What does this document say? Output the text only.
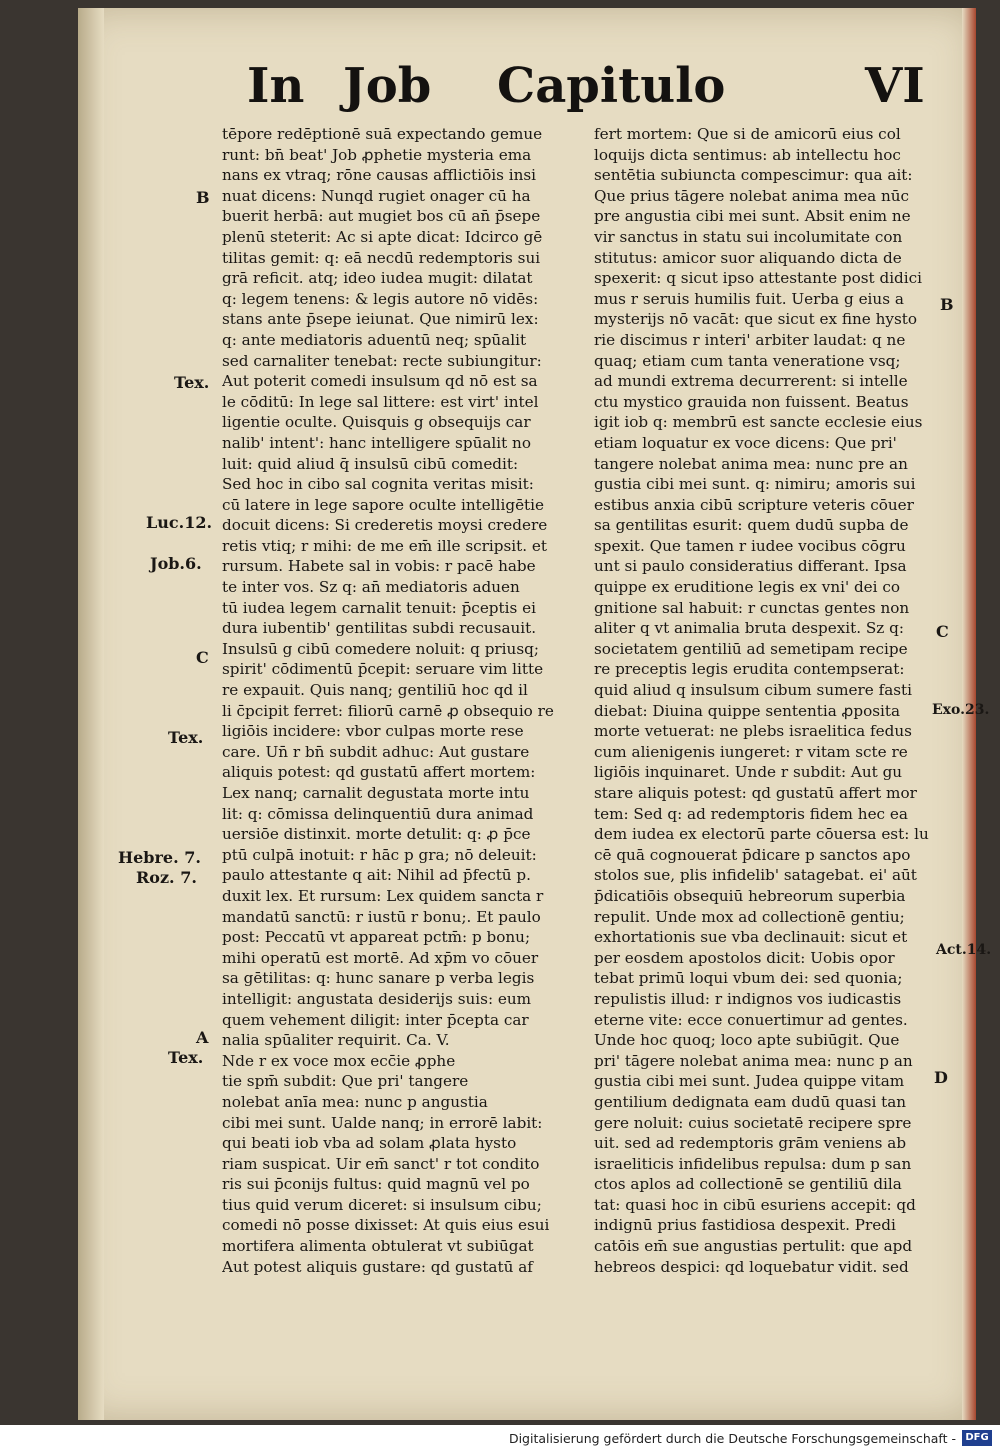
In Job Capitulo	VI
tēpore redēptionē suā expectando gemue
runt: bn̄ beat' Job ꝓphetie mysteria ema
nans ex vtraq; rōne causas afflictiōis insi
nuat dicens: Nunqd rugiet onager cū ha
buerit herbā: aut mugiet bos cū an̄ p̄sepe
plenū steterit: Ac si apte dicat: Idcirco gē
tilitas gemit: q: eā necdū redemptoris sui
grā reficit. atq; ideo iudea mugit: dilatat
q: legem tenens: & legis autore nō vidēs:
stans ante p̄sepe ieiunat. Que nimirū lex:
q: ante mediatoris aduentū neq; spūalit
sed carnaliter tenebat: recte subiungitur:
Aut poterit comedi insulsum qd nō est sa
le cōditū: In lege sal littere: est virt' intel
ligentie oculte. Quisquis g obsequijs car
nalib' intent': hanc intelligere spūalit no
luit: quid aliud q̄ insulsū cibū comedit:
Sed hoc in cibo sal cognita veritas misit:
cū latere in lege sapore oculte intelligētie
docuit dicens: Si crederetis moysi credere
retis vtiq; r mihi: de me em̄ ille scripsit. et
rursum. Habete sal in vobis: r pacē habe
te inter vos. Sz q: an̄ mediatoris aduen
tū iudea legem carnalit tenuit: p̄ceptis ei
dura iubentib' gentilitas subdi recusauit.
Insulsū g cibū comedere noluit: q priusq;
spirit' cōdimentū p̄cepit: seruare vim litte
re expauit. Quis nanq; gentiliū hoc qd il
li c̄pcipit ferret: filiorū carnē ꝓ obsequio re
ligiōis incidere: vbor culpas morte rese
care. Un̄ r bn̄ subdit adhuc: Aut gustare
aliquis potest: qd gustatū affert mortem:
Lex nanq; carnalit degustata morte intu
lit: q: cōmissa delinquentiū dura animad
uersiōe distinxit. morte detulit: q: ꝓ p̄ce
ptū culpā inotuit: r hāc p gra; nō deleuit:
paulo attestante q ait: Nihil ad p̄fectū p.
duxit lex. Et rursum: Lex quidem sancta r
mandatū sanctū: r iustū r bonu;. Et paulo
post: Peccatū vt appareat pctm̄: p bonu;
mihi operatū est mortē. Ad xp̄m vo cōuer
sa gētilitas: q: hunc sanare p verba legis
intelligit: angustata desiderijs suis: eum
quem vehement diligit: inter p̄cepta car
nalia spūaliter requirit. Ca. V.
Nde r ex voce mox ecc̄ie ꝓphe
tie spm̄ subdit: Que pri' tangere
nolebat anīa mea: nunc p angustia
cibi mei sunt. Ualde nanq; in errorē labit:
qui beati iob vba ad solam ꝓlata hysto
riam suspicat. Uir em̄ sanct' r tot condito
ris sui p̄conijs fultus: quid magnū vel po
tius quid verum diceret: si insulsum cibu;
comedi nō posse dixisset: At quis eius esui
mortifera alimenta obtulerat vt subiūgat
Aut potest aliquis gustare: qd gustatū af
fert mortem: Que si de amicorū eius col
loquijs dicta sentimus: ab intellectu hoc
sentētia subiuncta compescimur: qua ait:
Que prius tāgere nolebat anima mea nūc
pre angustia cibi mei sunt. Absit enim ne
vir sanctus in statu sui incolumitate con
stitutus: amicor suor aliquando dicta de
spexerit: q sicut ipso attestante post didici
mus r seruis humilis fuit. Uerba g eius a
mysterijs nō vacāt: que sicut ex fine hysto
rie discimus r interi' arbiter laudat: q ne
quaq; etiam cum tanta veneratione vsq;
ad mundi extrema decurrerent: si intelle
ctu mystico grauida non fuissent. Beatus
igit iob q: membrū est sancte ecclesie eius
etiam loquatur ex voce dicens: Que pri'
tangere nolebat anima mea: nunc pre an
gustia cibi mei sunt. q: nimiru; amoris sui
estibus anxia cibū scripture veteris cōuer
sa gentilitas esurit: quem dudū supba de
spexit. Que tamen r iudee vocibus cōgru
unt si paulo consideratius differant. Ipsa
quippe ex eruditione legis ex vni' dei co
gnitione sal habuit: r cunctas gentes non
aliter q vt animalia bruta despexit. Sz q:
societatem gentiliū ad semetipam recipe
re preceptis legis erudita contempserat:
quid aliud q insulsum cibum sumere fasti
diebat: Diuina quippe sententia ꝓposita
morte vetuerat: ne plebs israelitica fedus
cum alienigenis iungeret: r vitam scte re
ligiōis inquinaret. Unde r subdit: Aut gu
stare aliquis potest: qd gustatū affert mor
tem: Sed q: ad redemptoris fidem hec ea
dem iudea ex electorū parte cōuersa est: lu
cē quā cognouerat p̄dicare p sanctos apo
stolos sue, plis infidelib' satagebat. ei' aūt
p̄dicatiōis obsequiū hebreorum superbia
repulit. Unde mox ad collectionē gentiu;
exhortationis sue vba declinauit: sicut et
per eosdem apostolos dicit: Uobis opor
tebat primū loqui vbum dei: sed quonia;
repulistis illud: r indignos vos iudicastis
eterne vite: ecce conuertimur ad gentes.
Unde hoc quoq; loco apte subiūgit. Que
pri' tāgere nolebat anima mea: nunc p an
gustia cibi mei sunt. Judea quippe vitam
gentilium dedignata eam dudū quasi tan
gere noluit: cuius societatē recipere spre
uit. sed ad redemptoris grām veniens ab
israeliticis infidelibus repulsa: dum p san
ctos aplos ad collectionē se gentiliū dila
tat: quasi hoc in cibū esuriens accepit: qd
indignū prius fastidiosa despexit. Predi
catōis em̄ sue angustias pertulit: que apd
hebreos despici: qd loquebatur vidit. sed
B
Tex.
Luc.12.
Job.6.
C
Tex.
Hebre. 7.
Roz. 7.
A
Tex.
B
C
Exo.23.
Act.14.
D
Digitalisierung gefördert durch die Deutsche Forschungsgemeinschaft - DFG
